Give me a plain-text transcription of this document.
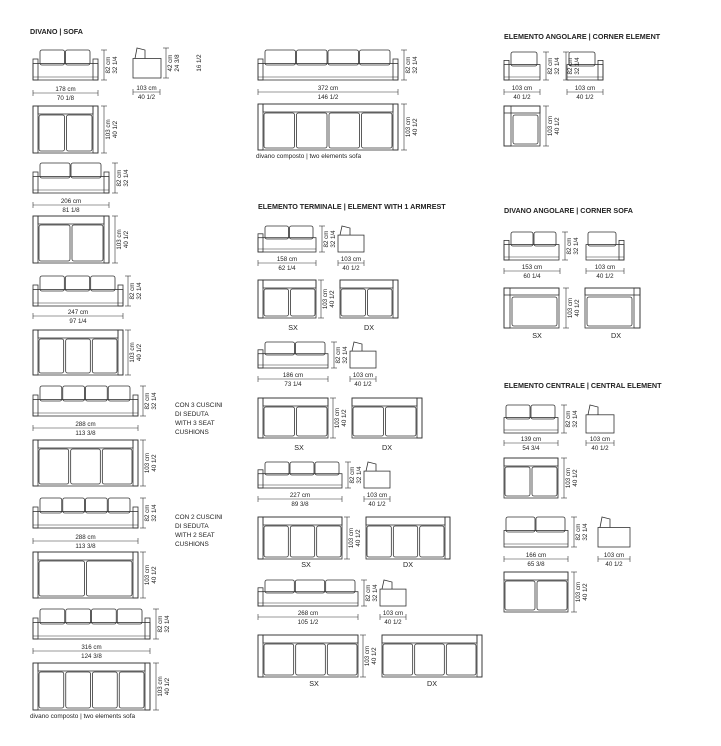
DIVANO | SOFA
ELEMENTO TERMINALE | ELEMENT WITH 1 ARMREST
ELEMENTO ANGOLARE | CORNER ELEMENT
DIVANO ANGOLARE | CORNER SOFA
ELEMENTO CENTRALE | CENTRAL ELEMENT
82 cm 32 1/4	42 cm 24 3/8 16 1/2
178 cm
70 1/8
103 cm
40 1/2
103 cm 40 1/2
82 cm 32 1/4
206 cm
81 1/8
103 cm 40 1/2
82 cm 32 1/4
247 cm
97 1/4
103 cm 40 1/2
82 cm 32 1/4
288 cm
113 3/8
103 cm 40 1/2
CON 3 CUSCINI
DI SEDUTA
WITH 3 SEAT
CUSHIONS
82 cm 32 1/4
288 cm
113 3/8
103 cm 40 1/2
CON 2 CUSCINI
DI SEDUTA
WITH 2 SEAT
CUSHIONS
82 cm 32 1/4
316 cm
124 3/8
103 cm 40 1/2
divano composto | two elements sofa
82 cm 32 1/4
372 cm
146 1/2
103 cm 40 1/2
divano composto | two elements sofa
82 cm 32 1/4
158 cm
62 1/4
103 cm
40 1/2
103 cm 40 1/2
SX	DX
82 cm 32 1/4
186 cm
73 1/4
103 cm
40 1/2
103 cm 40 1/2
SX	DX
82 cm 32 1/4
227 cm
89 3/8
103 cm
40 1/2
103 cm 40 1/2
SX	DX
82 cm 32 1/4
268 cm
105 1/2
103 cm
40 1/2
103 cm 40 1/2
SX	DX
82 cm 32 1/4 82 cm 32 1/4
103 cm
40 1/2
103 cm
40 1/2
103 cm 40 1/2
82 cm 32 1/4
153 cm
60 1/4
103 cm
40 1/2
103 cm 40 1/2
SX	DX
82 cm 32 1/4
139 cm
54 3/4
103 cm
40 1/2
103 cm 40 1/2
82 cm 32 1/4
166 cm
65 3/8
103 cm
40 1/2
103 cm 40 1/2
